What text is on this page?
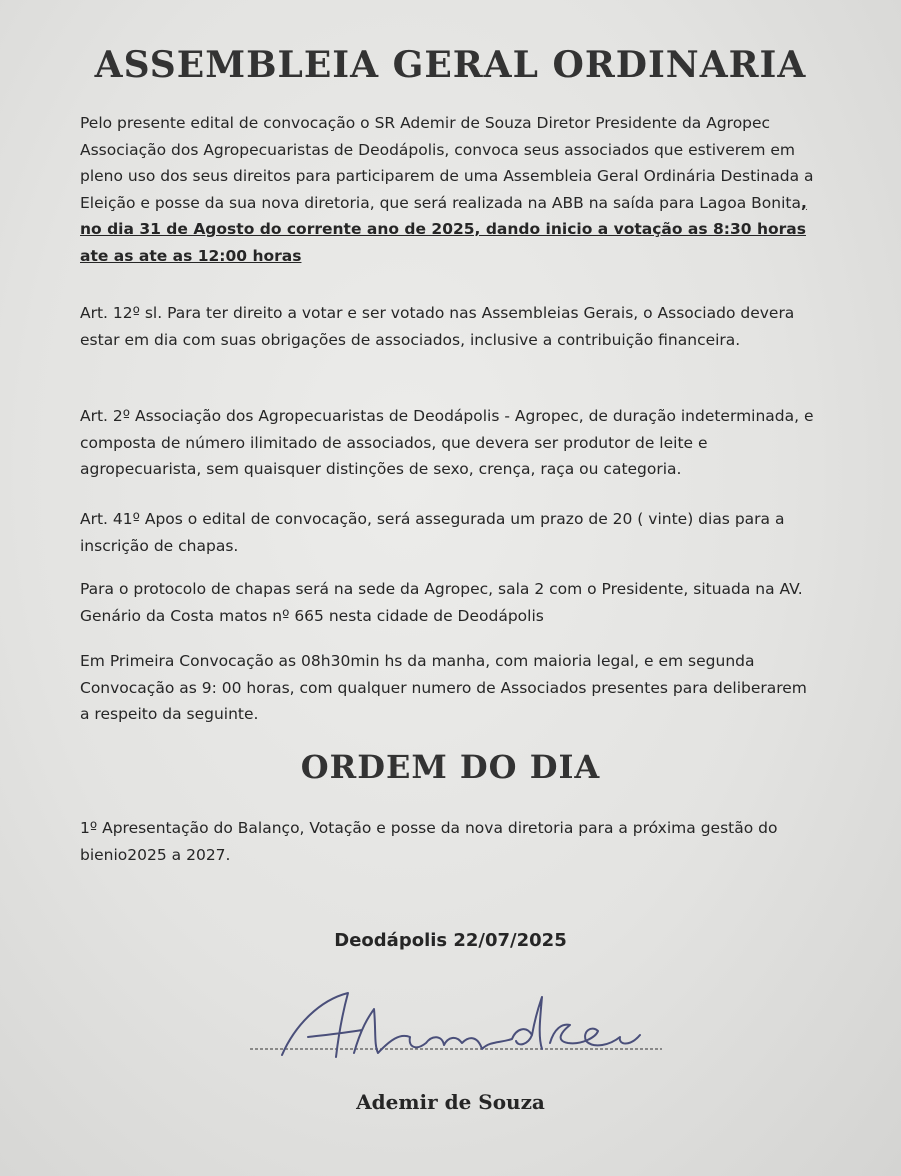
ASSEMBLEIA GERAL ORDINARIA

Pelo presente edital de convocação o SR Ademir de Souza Diretor Presidente da Agropec Associação dos Agropecuaristas de Deodápolis, convoca seus associados que estiverem em pleno uso dos seus direitos para participarem de uma Assembleia Geral Ordinária Destinada a Eleição e posse da sua nova diretoria, que será realizada na ABB na saída para Lagoa Bonita, no dia 31 de Agosto do corrente ano de 2025, dando inicio a votação as 8:30 horas ate as ate as 12:00 horas

Art. 12º sl. Para ter direito a votar e ser votado nas Assembleias Gerais, o Associado devera estar em dia com suas obrigações de associados, inclusive a contribuição financeira.

Art. 2º Associação dos Agropecuaristas de Deodápolis - Agropec, de duração indeterminada, e composta de número ilimitado de associados, que devera ser produtor de leite e agropecuarista, sem quaisquer distinções de sexo, crença, raça ou categoria.

Art. 41º Apos o edital de convocação, será assegurada um prazo de 20 ( vinte) dias para a inscrição de chapas.

Para o protocolo de chapas será na sede da Agropec, sala 2 com o Presidente, situada na AV. Genário da Costa matos nº 665 nesta cidade de Deodápolis

Em Primeira Convocação as 08h30min hs da manha, com maioria legal, e em segunda Convocação as 9: 00 horas, com qualquer numero de Associados presentes para deliberarem a respeito da seguinte.

ORDEM DO DIA

1º Apresentação do Balanço, Votação e posse da nova diretoria para a próxima gestão do bienio2025 a 2027.

Deodápolis 22/07/2025

Ademir de Souza
